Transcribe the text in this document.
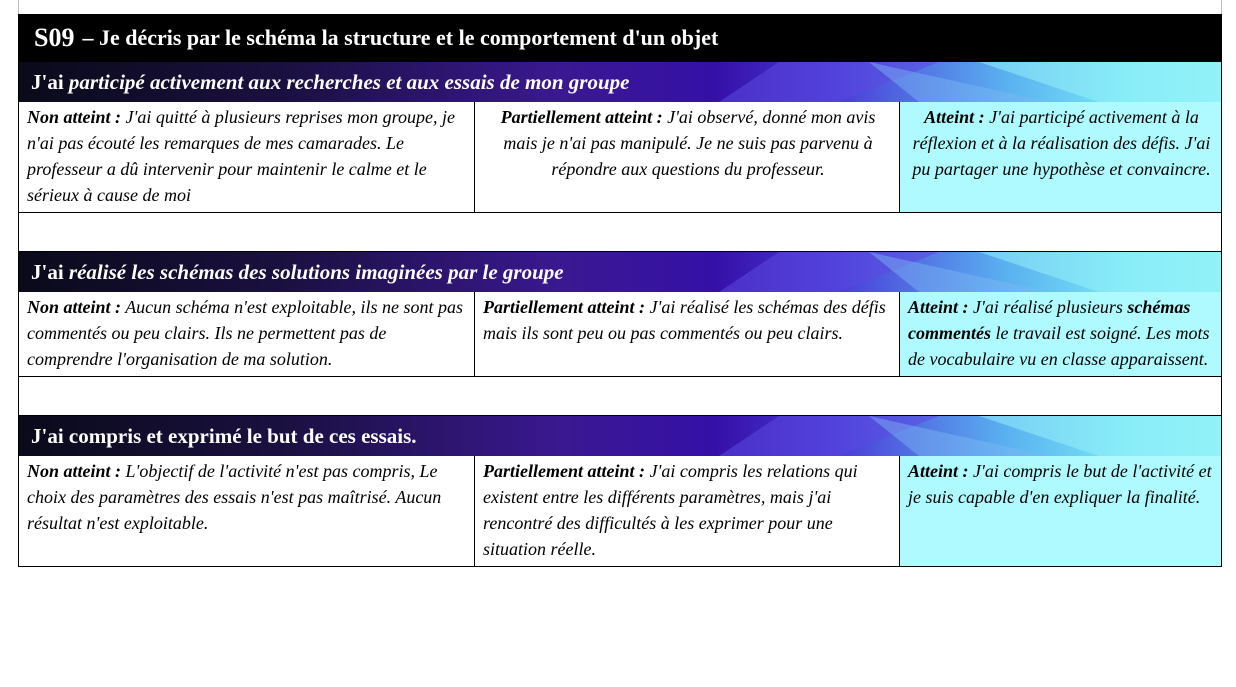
S09 – Je décris par le schéma la structure et le comportement d'un objet
J'ai participé activement aux recherches et aux essais de mon groupe
Non atteint : J'ai quitté à plusieurs reprises mon groupe, je n'ai pas écouté les remarques de mes camarades. Le professeur a dû intervenir pour maintenir le calme et le sérieux à cause de moi
Partiellement atteint : J'ai observé, donné mon avis mais je n'ai pas manipulé. Je ne suis pas parvenu à répondre aux questions du professeur.
Atteint : J'ai participé activement à la réflexion et à la réalisation des défis. J'ai pu partager une hypothèse et convaincre.
J'ai réalisé les schémas des solutions imaginées par le groupe
Non atteint : Aucun schéma n'est exploitable, ils ne sont pas commentés ou peu clairs. Ils ne permettent pas de comprendre l'organisation de ma solution.
Partiellement atteint : J'ai réalisé les schémas des défis mais ils sont peu ou pas commentés ou peu clairs.
Atteint : J'ai réalisé plusieurs schémas commentés le travail est soigné. Les mots de vocabulaire vu en classe apparaissent.
J'ai compris et exprimé le but de ces essais.
Non atteint : L'objectif de l'activité n'est pas compris, Le choix des paramètres des essais n'est pas maîtrisé. Aucun résultat n'est exploitable.
Partiellement atteint : J'ai compris les relations qui existent entre les différents paramètres, mais j'ai rencontré des difficultés à les exprimer pour une situation réelle.
Atteint : J'ai compris le but de l'activité et je suis capable d'en expliquer la finalité.
